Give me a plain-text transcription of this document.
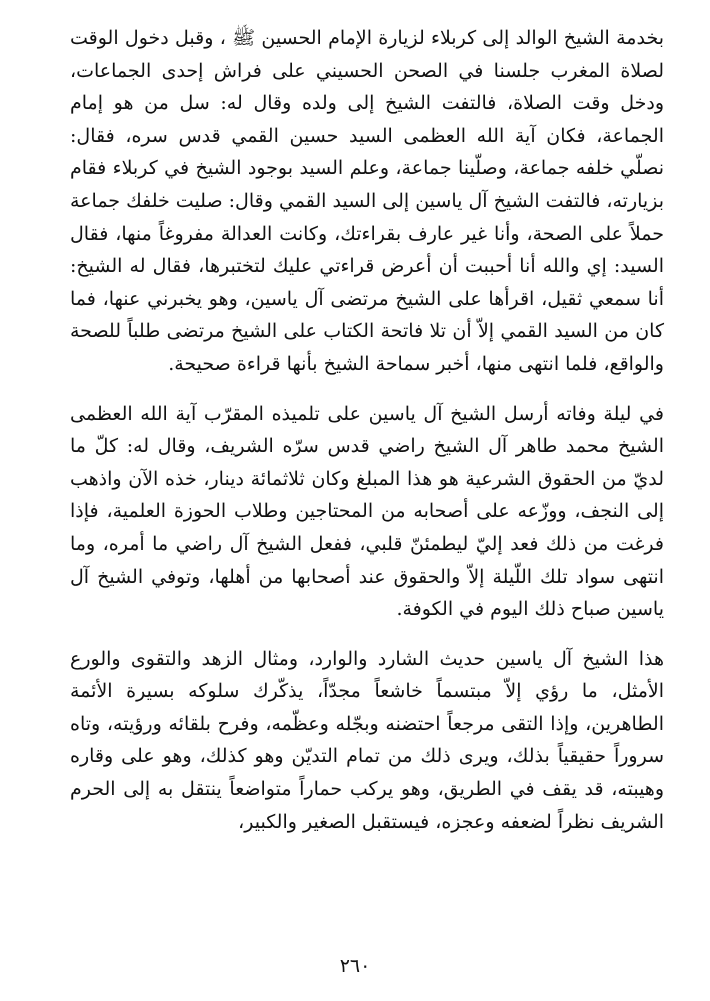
بخدمة الشيخ الوالد إلى كربلاء لزيارة الإمام الحسين ﷺ ، وقبل دخول الوقت لصلاة المغرب جلسنا في الصحن الحسيني على فراش إحدى الجماعات، ودخل وقت الصلاة، فالتفت الشيخ إلى ولده وقال له: سل من هو إمام الجماعة، فكان آية الله العظمى السيد حسين القمي قدس سره، فقال: نصلّي خلفه جماعة، وصلّينا جماعة، وعلم السيد بوجود الشيخ في كربلاء فقام بزيارته، فالتفت الشيخ آل ياسين إلى السيد القمي وقال: صليت خلفك جماعة حملاً على الصحة، وأنا غير عارف بقراءتك، وكانت العدالة مفروغاً منها، فقال السيد: إي والله أنا أحببت أن أعرض قراءتي عليك لتختبرها، فقال له الشيخ: أنا سمعي ثقيل، اقرأها على الشيخ مرتضى آل ياسين، وهو يخبرني عنها، فما كان من السيد القمي إلاّ أن تلا فاتحة الكتاب على الشيخ مرتضى طلباً للصحة والواقع، فلما انتهى منها، أخبر سماحة الشيخ بأنها قراءة صحيحة.

في ليلة وفاته أرسل الشيخ آل ياسين على تلميذه المقرّب آية الله العظمى الشيخ محمد طاهر آل الشيخ راضي قدس سرّه الشريف، وقال له: كلّ ما لديّ من الحقوق الشرعية هو هذا المبلغ وكان ثلاثمائة دينار، خذه الآن واذهب إلى النجف، ووزّعه على أصحابه من المحتاجين وطلاب الحوزة العلمية، فإذا فرغت من ذلك فعد إليّ ليطمئنّ قلبي، ففعل الشيخ آل راضي ما أمره، وما انتهى سواد تلك اللّيلة إلاّ والحقوق عند أصحابها من أهلها، وتوفي الشيخ آل ياسين صباح ذلك اليوم في الكوفة.

هذا الشيخ آل ياسين حديث الشارد والوارد، ومثال الزهد والتقوى والورع الأمثل، ما رؤي إلاّ مبتسماً خاشعاً مجدّاً، يذكّرك سلوكه بسيرة الأئمة الطاهرين، وإذا التقى مرجعاً احتضنه وبجّله وعظّمه، وفرح بلقائه ورؤيته، وتاه سروراً حقيقياً بذلك، ويرى ذلك من تمام التديّن وهو كذلك، وهو على وقاره وهيبته، قد يقف في الطريق، وهو يركب حماراً متواضعاً ينتقل به إلى الحرم الشريف نظراً لضعفه وعجزه، فيستقبل الصغير والكبير،

٢٦٠
